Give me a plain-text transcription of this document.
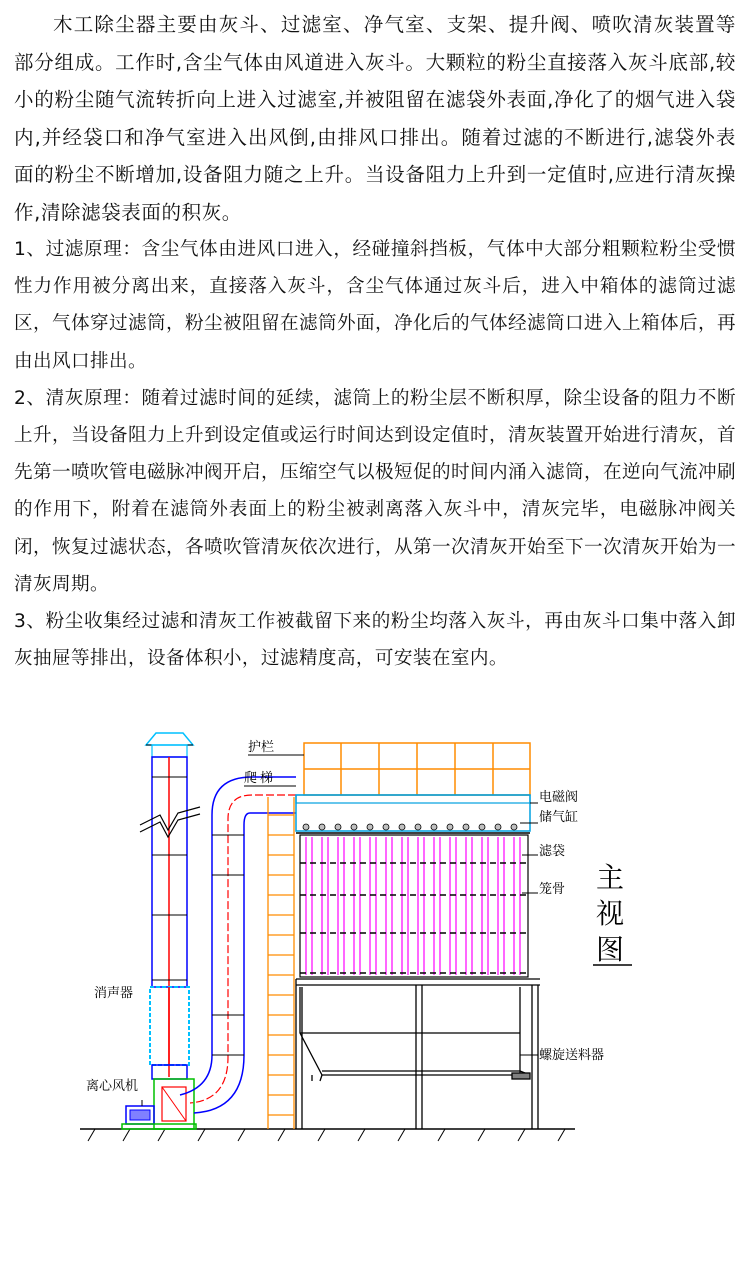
木工除尘器主要由灰斗、过滤室、净气室、支架、提升阀、喷吹清灰装置等部分组成。工作时,含尘气体由风道进入灰斗。大颗粒的粉尘直接落入灰斗底部,较小的粉尘随气流转折向上进入过滤室,并被阻留在滤袋外表面,净化了的烟气进入袋内,并经袋口和净气室进入出风倒,由排风口排出。随着过滤的不断进行,滤袋外表面的粉尘不断增加,设备阻力随之上升。当设备阻力上升到一定值时,应进行清灰操作,清除滤袋表面的积灰。

1、过滤原理：含尘气体由进风口进入，经碰撞斜挡板，气体中大部分粗颗粒粉尘受惯性力作用被分离出来，直接落入灰斗，含尘气体通过灰斗后，进入中箱体的滤筒过滤区，气体穿过滤筒，粉尘被阻留在滤筒外面，净化后的气体经滤筒口进入上箱体后，再由出风口排出。

2、清灰原理：随着过滤时间的延续，滤筒上的粉尘层不断积厚，除尘设备的阻力不断上升，当设备阻力上升到设定值或运行时间达到设定值时，清灰装置开始进行清灰，首先第一喷吹管电磁脉冲阀开启，压缩空气以极短促的时间内涌入滤筒，在逆向气流冲刷的作用下，附着在滤筒外表面上的粉尘被剥离落入灰斗中，清灰完毕，电磁脉冲阀关闭，恢复过滤状态，各喷吹管清灰依次进行，从第一次清灰开始至下一次清灰开始为一清灰周期。

3、粉尘收集经过滤和清灰工作被截留下来的粉尘均落入灰斗，再由灰斗口集中落入卸灰抽屉等排出，设备体积小，过滤精度高，可安装在室内。

护栏
爬梯
电磁阀
储气缸
滤袋
笼骨
消声器
离心风机
螺旋送料器
主
视
图
